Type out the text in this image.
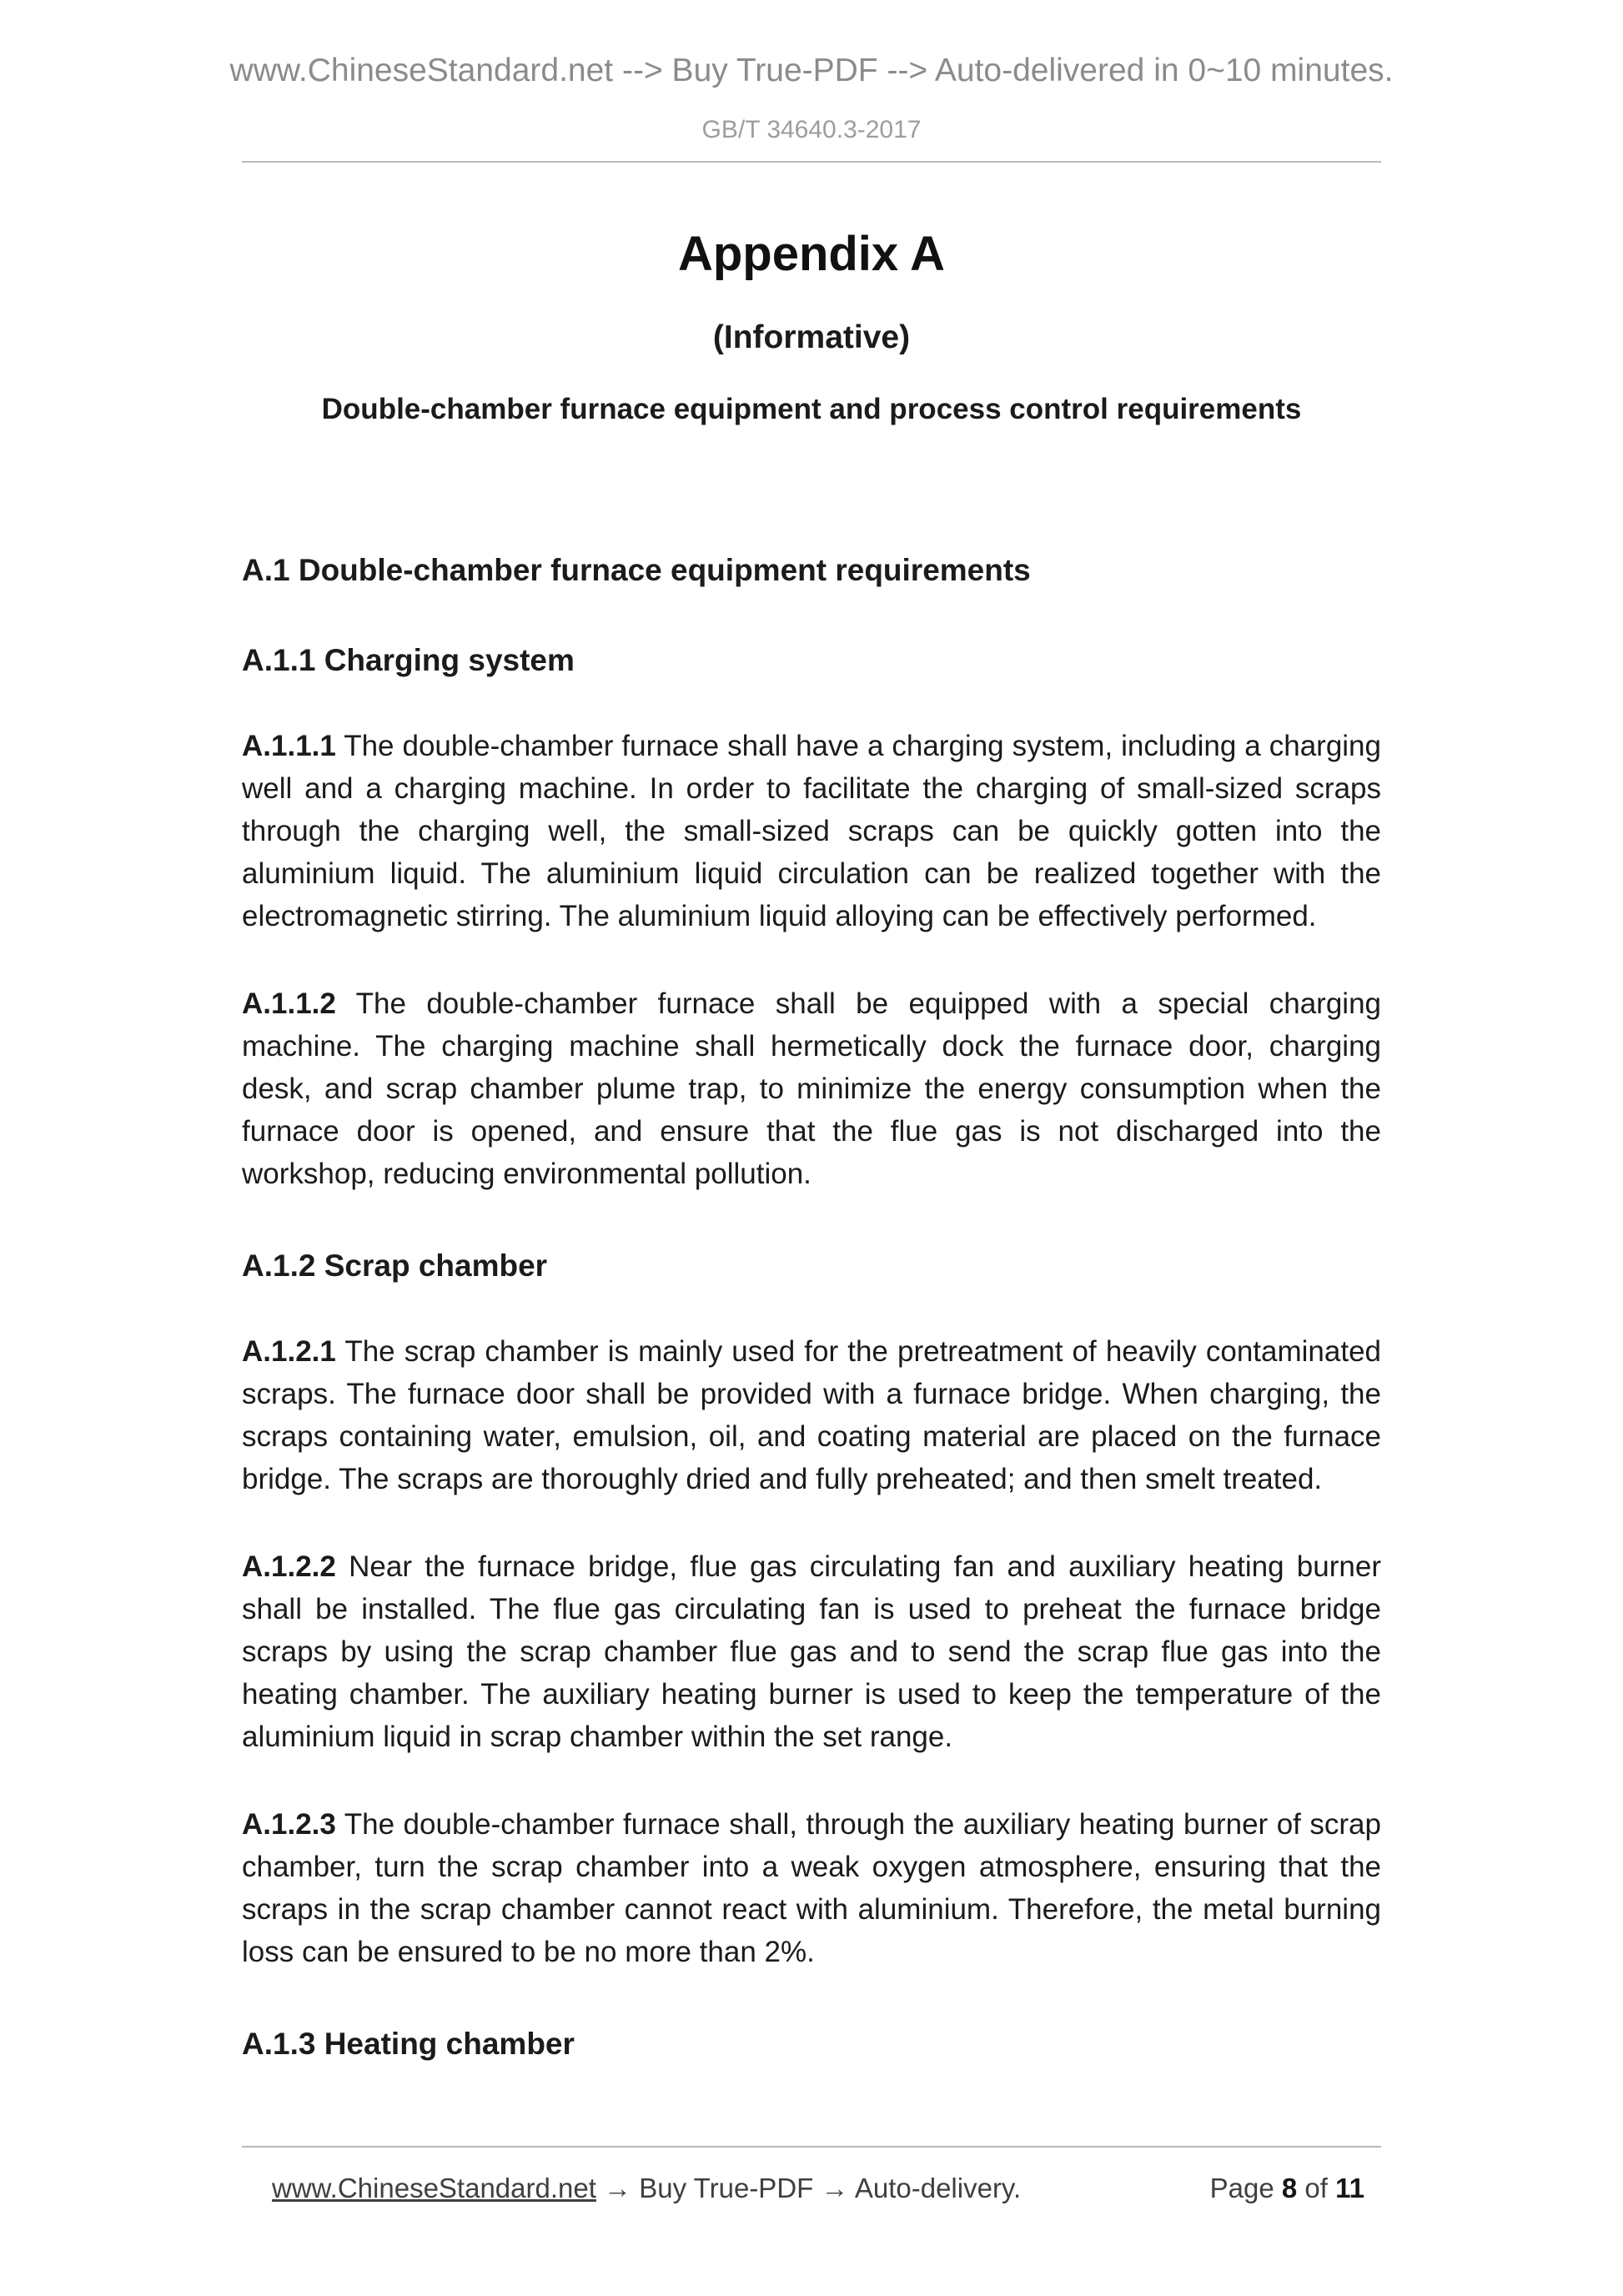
www.ChineseStandard.net --> Buy True-PDF --> Auto-delivered in 0~10 minutes.
GB/T 34640.3-2017
Appendix A
(Informative)
Double-chamber furnace equipment and process control requirements
A.1 Double-chamber furnace equipment requirements
A.1.1 Charging system

A.1.1.1 The double-chamber furnace shall have a charging system, including a charging well and a charging machine. In order to facilitate the charging of small-sized scraps through the charging well, the small-sized scraps can be quickly gotten into the aluminium liquid. The aluminium liquid circulation can be realized together with the electromagnetic stirring. The aluminium liquid alloying can be effectively performed.

A.1.1.2 The double-chamber furnace shall be equipped with a special charging machine. The charging machine shall hermetically dock the furnace door, charging desk, and scrap chamber plume trap, to minimize the energy consumption when the furnace door is opened, and ensure that the flue gas is not discharged into the workshop, reducing environmental pollution.

A.1.2 Scrap chamber

A.1.2.1 The scrap chamber is mainly used for the pretreatment of heavily contaminated scraps. The furnace door shall be provided with a furnace bridge. When charging, the scraps containing water, emulsion, oil, and coating material are placed on the furnace bridge. The scraps are thoroughly dried and fully preheated; and then smelt treated.

A.1.2.2 Near the furnace bridge, flue gas circulating fan and auxiliary heating burner shall be installed. The flue gas circulating fan is used to preheat the furnace bridge scraps by using the scrap chamber flue gas and to send the scrap flue gas into the heating chamber. The auxiliary heating burner is used to keep the temperature of the aluminium liquid in scrap chamber within the set range.

A.1.2.3 The double-chamber furnace shall, through the auxiliary heating burner of scrap chamber, turn the scrap chamber into a weak oxygen atmosphere, ensuring that the scraps in the scrap chamber cannot react with aluminium. Therefore, the metal burning loss can be ensured to be no more than 2%.

A.1.3 Heating chamber
www.ChineseStandard.net → Buy True-PDF → Auto-delivery.	Page 8 of 11
